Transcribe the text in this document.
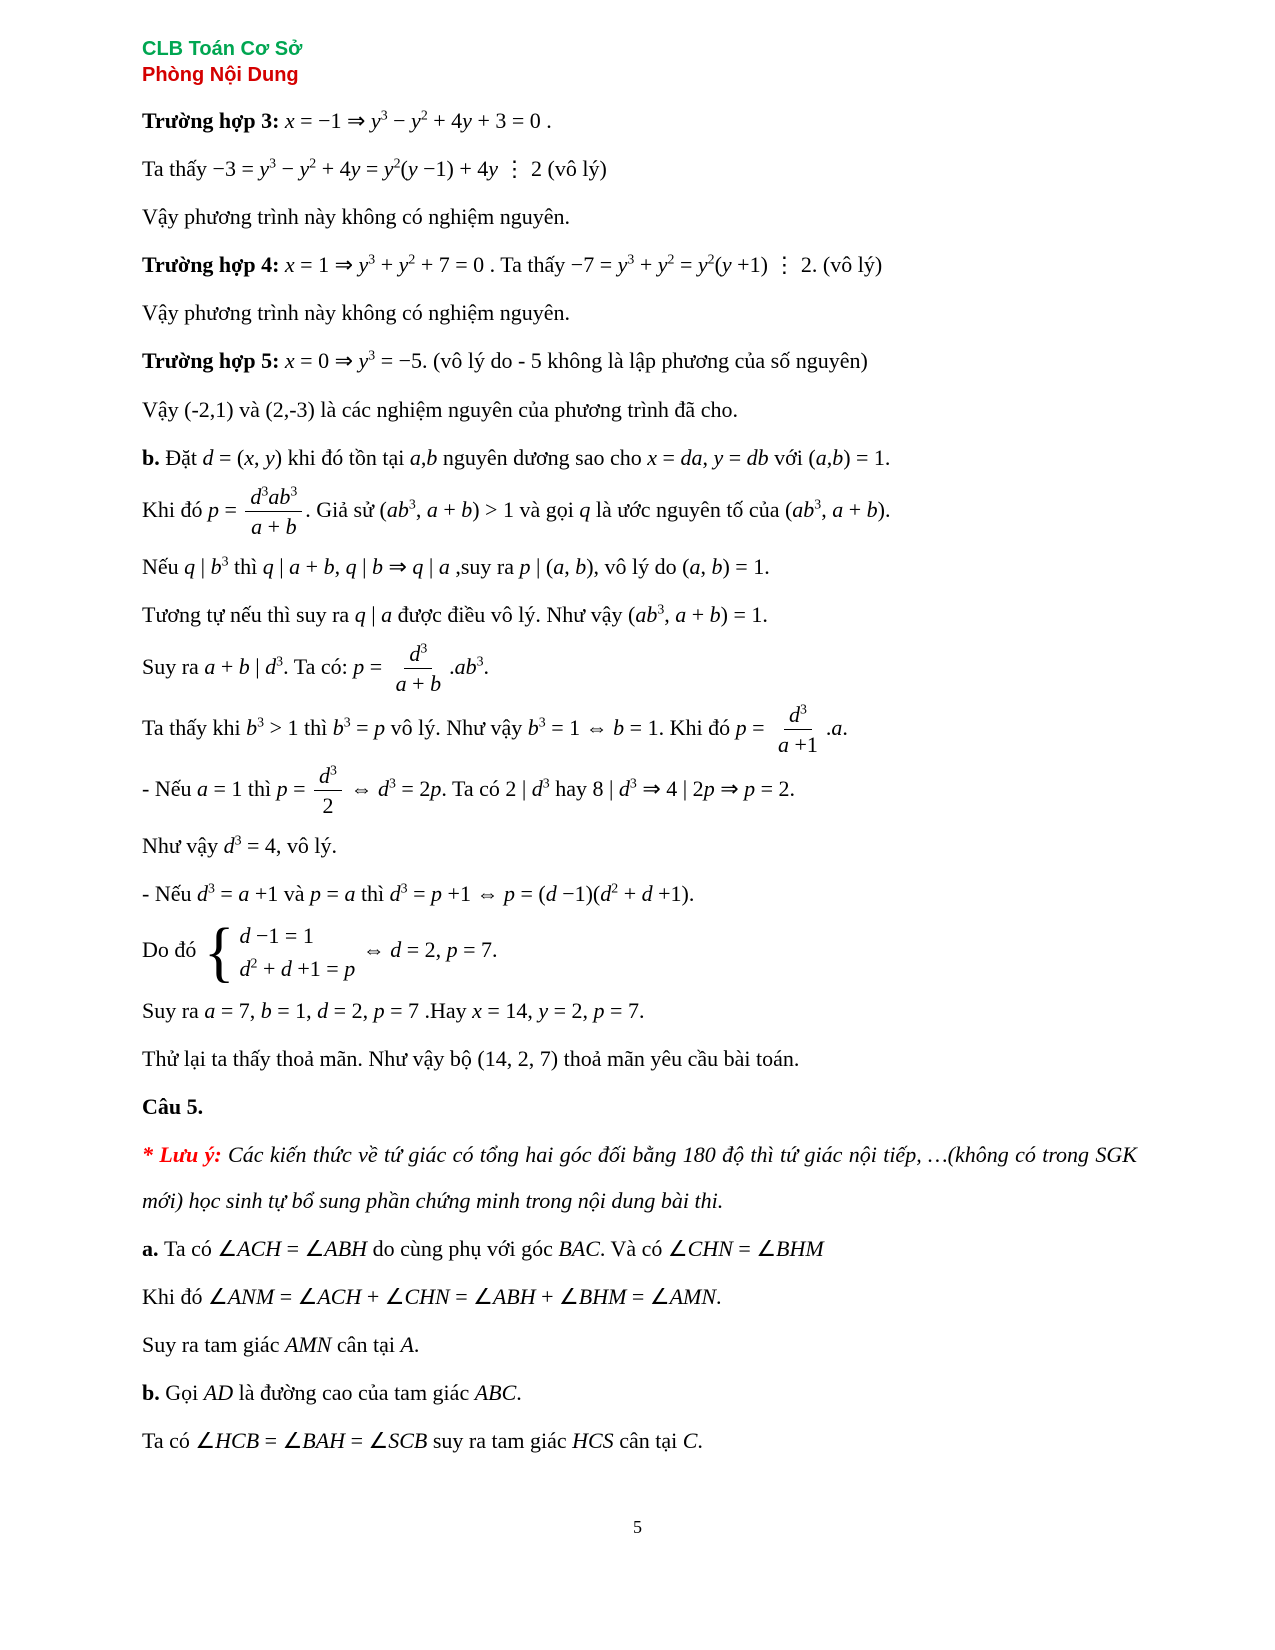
CLB Toán Cơ Sở
Phòng Nội Dung

Trường hợp 3: x = −1 ⇒ $y^3 - y^2 + 4y + 3 = 0$ .

Ta thấy $-3 = y^3 - y^2 + 4y = y^2(y -1) + 4y$ ⋮ 2 (vô lý)

Vậy phương trình này không có nghiệm nguyên.

Trường hợp 4: x = 1 ⇒ $y^3 + y^2 + 7 = 0$ . Ta thấy $-7 = y^3 + y^2 = y^2(y +1)$ ⋮ 2. (vô lý)

Vậy phương trình này không có nghiệm nguyên.

Trường hợp 5: x = 0 ⇒ $y^3 = -5$. (vô lý do - 5 không là lập phương của số nguyên)

Vậy (-2,1) và (2,-3) là các nghiệm nguyên của phương trình đã cho.

b. Đặt d = (x, y) khi đó tồn tại a,b nguyên dương sao cho x = da, y = db với (a,b) = 1.

Khi đó $p = \frac{d^3ab^3}{a + b}$ . Giả sử ($ab^3$, a + b) > 1 và gọi q là ước nguyên tố của ($ab^3$, a + b).

Nếu q | $b^3$ thì q | a + b, q | b ⇒ q | a ,suy ra p | (a, b), vô lý do (a, b) = 1.

Tương tự nếu thì suy ra q | a được điều vô lý. Như vậy ($ab^3$, a + b) = 1.

Suy ra a + b | $d^3$. Ta có: $p = \frac{d^3}{a + b} .ab^3$.

Ta thấy khi $b^3 > 1$ thì $b^3 = p$ vô lý. Như vậy $b^3 = 1$ ⇔ b = 1. Khi đó $p = \frac{d^3}{a +1} .a$.

- Nếu a = 1 thì $p = \frac{d^3}{2}$ ⇔ $d^3 = 2p$. Ta có 2 | $d^3$ hay 8 | $d^3$ ⇒ 4 | 2p ⇒ p = 2.

Như vậy $d^3 = 4$, vô lý.

- Nếu $d^3 = a +1$ và p = a thì $d^3 = p +1$ ⇔ $p = (d -1)(d^2 + d +1)$.

Do đó { d −1 = 1
$d^2 + d +1 = p$
⇔ d = 2, p = 7.

Suy ra a = 7, b = 1, d = 2, p = 7 .Hay x = 14, y = 2, p = 7.

Thử lại ta thấy thoả mãn. Như vậy bộ (14, 2, 7) thoả mãn yêu cầu bài toán.

Câu 5.

* Lưu ý: Các kiến thức về tứ giác có tổng hai góc đối bằng 180 độ thì tứ giác nội tiếp, …(không có trong SGK mới) học sinh tự bổ sung phần chứng minh trong nội dung bài thi.

a. Ta có ∠ACH = ∠ABH do cùng phụ với góc BAC. Và có ∠CHN = ∠BHM

Khi đó ∠ANM = ∠ACH + ∠CHN = ∠ABH + ∠BHM = ∠AMN.

Suy ra tam giác AMN cân tại A.

b. Gọi AD là đường cao của tam giác ABC.

Ta có ∠HCB = ∠BAH = ∠SCB suy ra tam giác HCS cân tại C.

5
